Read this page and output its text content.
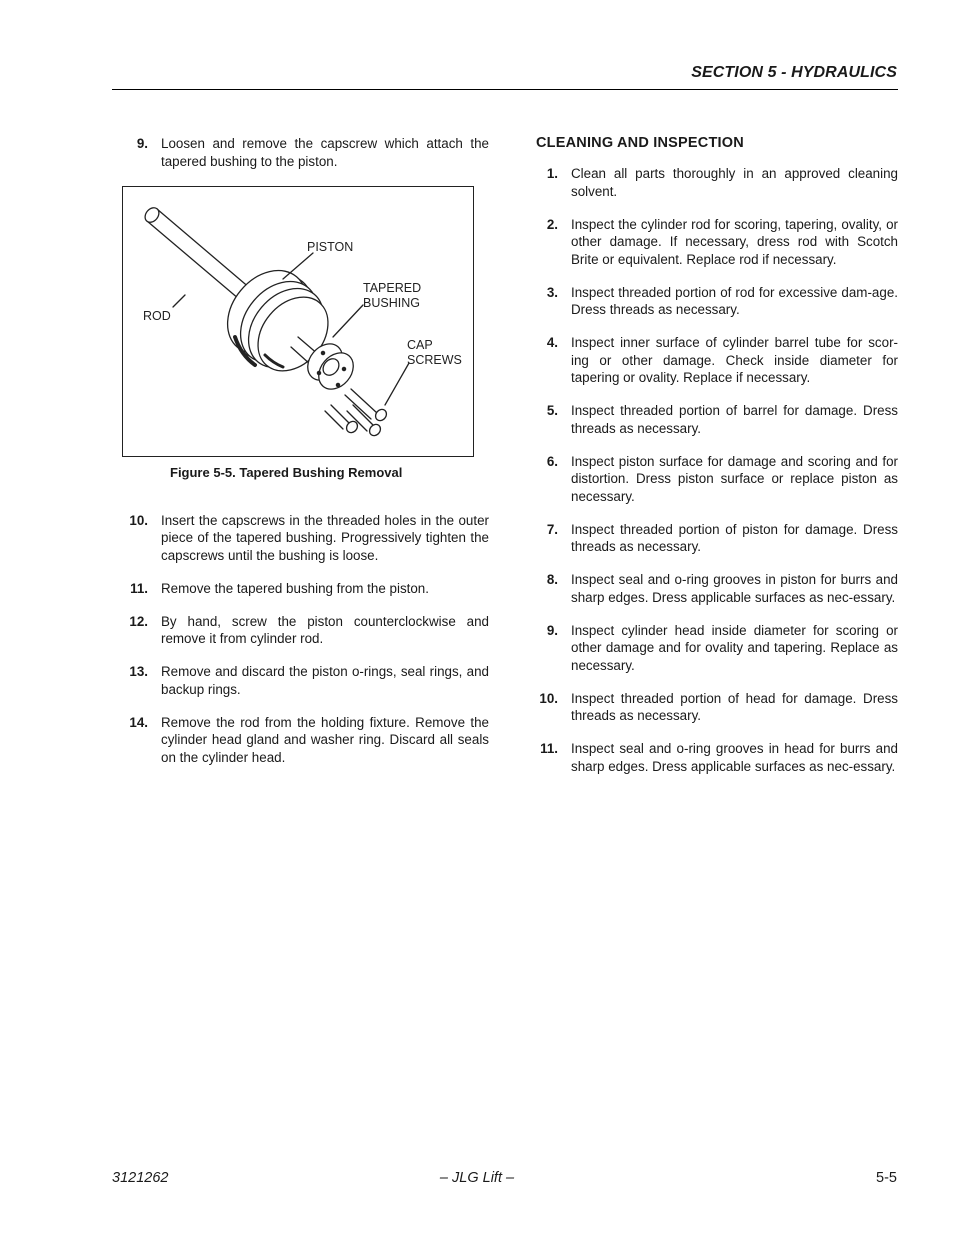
SECTION 5 - HYDRAULICS
9. Loosen and remove the capscrew which attach the tapered bushing to the piston.
PISTON
TAPERED
BUSHING
ROD
CAP
SCREWS
Figure 5-5. Tapered Bushing Removal
10. Insert the capscrews in the threaded holes in the outer piece of the tapered bushing. Progressively tighten the capscrews until the bushing is loose.
11. Remove the tapered bushing from the piston.
12. By hand, screw the piston counterclockwise and remove it from cylinder rod.
13. Remove and discard the piston o-rings, seal rings, and backup rings.
14. Remove the rod from the holding fixture. Remove the cylinder head gland and washer ring. Discard all seals on the cylinder head.
CLEANING AND INSPECTION
1. Clean all parts thoroughly in an approved cleaning solvent.
2. Inspect the cylinder rod for scoring, tapering, ovality, or other damage. If necessary, dress rod with Scotch Brite or equivalent. Replace rod if necessary.
3. Inspect threaded portion of rod for excessive dam-age. Dress threads as necessary.
4. Inspect inner surface of cylinder barrel tube for scor-ing or other damage. Check inside diameter for tapering or ovality. Replace if necessary.
5. Inspect threaded portion of barrel for damage. Dress threads as necessary.
6. Inspect piston surface for damage and scoring and for distortion. Dress piston surface or replace piston as necessary.
7. Inspect threaded portion of piston for damage. Dress threads as necessary.
8. Inspect seal and o-ring grooves in piston for burrs and sharp edges. Dress applicable surfaces as nec-essary.
9. Inspect cylinder head inside diameter for scoring or other damage and for ovality and tapering. Replace as necessary.
10. Inspect threaded portion of head for damage. Dress threads as necessary.
11. Inspect seal and o-ring grooves in head for burrs and sharp edges. Dress applicable surfaces as nec-essary.
3121262	– JLG Lift –	5-5
